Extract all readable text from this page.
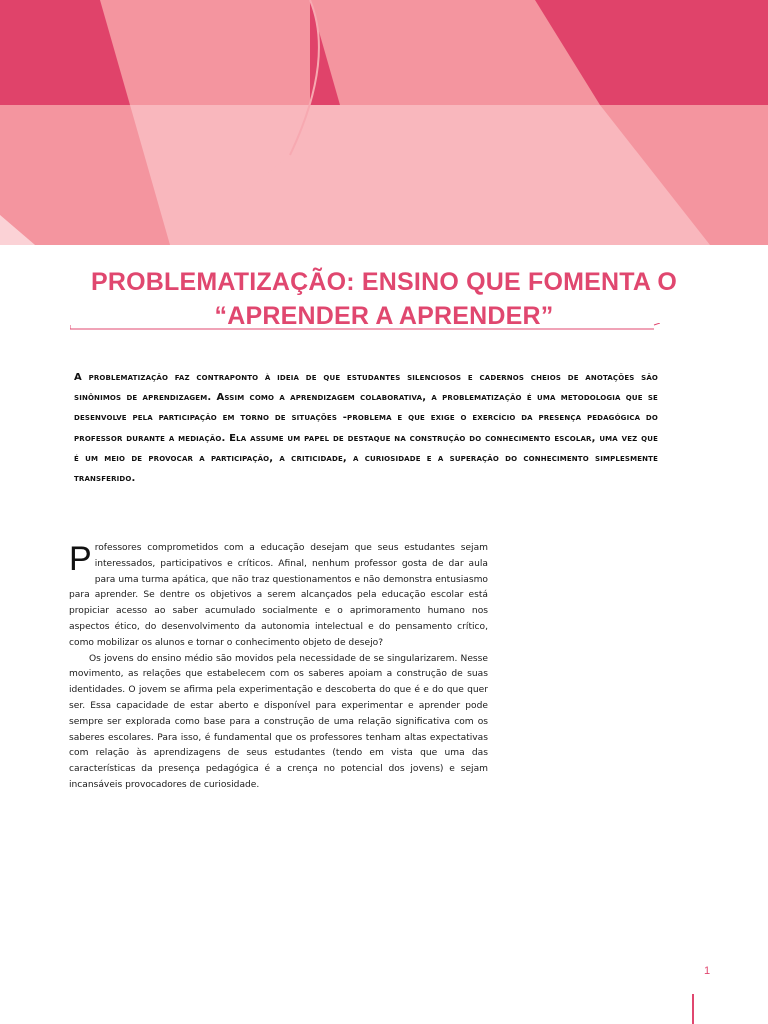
PROBLEMATIZAÇÃO: ENSINO QUE FOMENTA O
“APRENDER A APRENDER”
A problematização faz contraponto à ideia de que estudantes silenciosos e cadernos cheios de anotações são sinônimos de aprendizagem. Assim como a aprendizagem colaborativa, a problematização é uma metodologia que se desenvolve pela participação em torno de situações -problema e que exige o exercício da presença pedagógica do professor durante a mediação. Ela assume um papel de destaque na construção do conhecimento escolar, uma vez que é um meio de provocar a participação, a criticidade, a curiosidade e a superação do conhecimento simplesmente transferido.

Professores comprometidos com a educação desejam que seus estudantes sejam interessados, participativos e críticos. Afinal, nenhum professor gosta de dar aula para uma turma apática, que não traz questionamentos e não demonstra entusiasmo para aprender. Se dentre os objetivos a serem alcançados pela educação escolar está propiciar acesso ao saber acumulado socialmente e o aprimoramento humano nos aspectos ético, do desenvolvimento da autonomia intelectual e do pensamento crítico, como mobilizar os alunos e tornar o conhecimento objeto de desejo?

Os jovens do ensino médio são movidos pela necessidade de se singularizarem. Nesse movimento, as relações que estabelecem com os saberes apoiam a construção de suas identidades. O jovem se afirma pela experimentação e descoberta do que é e do que quer ser. Essa capacidade de estar aberto e disponível para experimentar e aprender pode sempre ser explorada como base para a construção de uma relação significativa com os saberes escolares. Para isso, é fundamental que os professores tenham altas expectativas com relação às aprendizagens de seus estudantes (tendo em vista que uma das características da presença pedagógica é a crença no potencial dos jovens) e sejam incansáveis provocadores de curiosidade.

1
